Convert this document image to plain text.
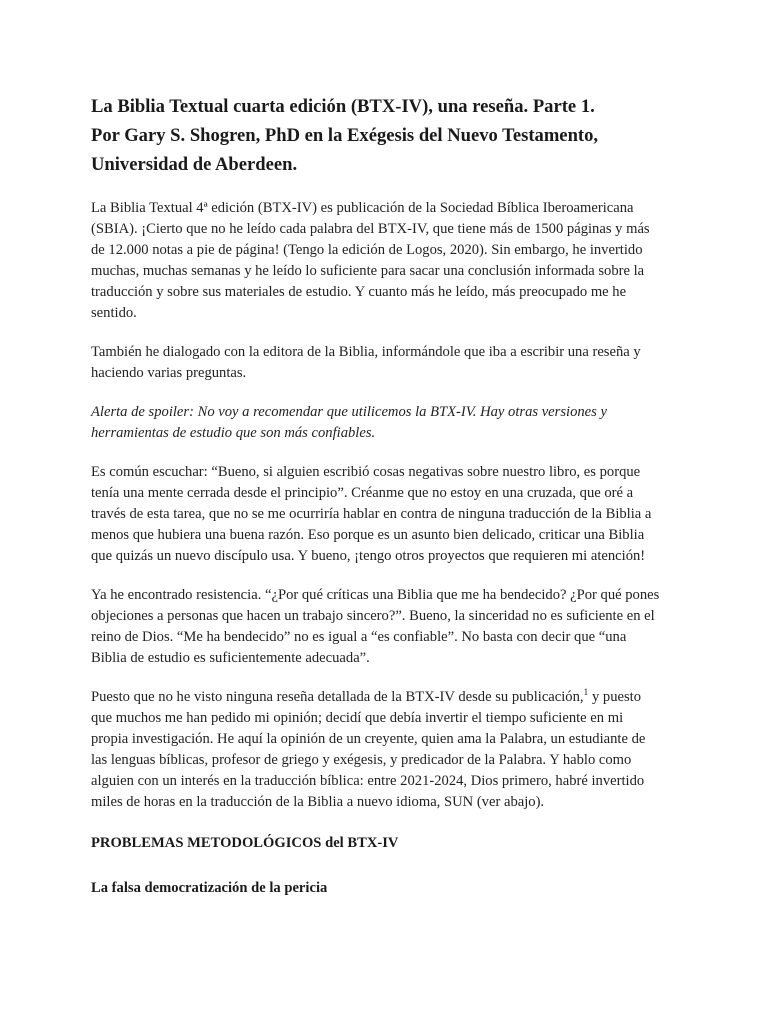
La Biblia Textual cuarta edición (BTX-IV), una reseña. Parte 1.
Por Gary S. Shogren, PhD en la Exégesis del Nuevo Testamento,
Universidad de Aberdeen.

La Biblia Textual 4ª edición (BTX-IV) es publicación de la Sociedad Bíblica Iberoamericana
(SBIA). ¡Cierto que no he leído cada palabra del BTX-IV, que tiene más de 1500 páginas y más
de 12.000 notas a pie de página! (Tengo la edición de Logos, 2020). Sin embargo, he invertido
muchas, muchas semanas y he leído lo suficiente para sacar una conclusión informada sobre la
traducción y sobre sus materiales de estudio. Y cuanto más he leído, más preocupado me he
sentido.

También he dialogado con la editora de la Biblia, informándole que iba a escribir una reseña y
haciendo varias preguntas.

Alerta de spoiler: No voy a recomendar que utilicemos la BTX-IV. Hay otras versiones y
herramientas de estudio que son más confiables.

Es común escuchar: “Bueno, si alguien escribió cosas negativas sobre nuestro libro, es porque
tenía una mente cerrada desde el principio”. Créanme que no estoy en una cruzada, que oré a
través de esta tarea, que no se me ocurriría hablar en contra de ninguna traducción de la Biblia a
menos que hubiera una buena razón. Eso porque es un asunto bien delicado, criticar una Biblia
que quizás un nuevo discípulo usa. Y bueno, ¡tengo otros proyectos que requieren mi atención!

Ya he encontrado resistencia. “¿Por qué críticas una Biblia que me ha bendecido? ¿Por qué pones
objeciones a personas que hacen un trabajo sincero?”. Bueno, la sinceridad no es suficiente en el
reino de Dios. “Me ha bendecido” no es igual a “es confiable”. No basta con decir que “una
Biblia de estudio es suficientemente adecuada”.

Puesto que no he visto ninguna reseña detallada de la BTX-IV desde su publicación,$^1$ y puesto
que muchos me han pedido mi opinión; decidí que debía invertir el tiempo suficiente en mi
propia investigación. He aquí la opinión de un creyente, quien ama la Palabra, un estudiante de
las lenguas bíblicas, profesor de griego y exégesis, y predicador de la Palabra. Y hablo como
alguien con un interés en la traducción bíblica: entre 2021-2024, Dios primero, habré invertido
miles de horas en la traducción de la Biblia a nuevo idioma, SUN (ver abajo).

PROBLEMAS METODOLÓGICOS del BTX-IV
La falsa democratización de la pericia
